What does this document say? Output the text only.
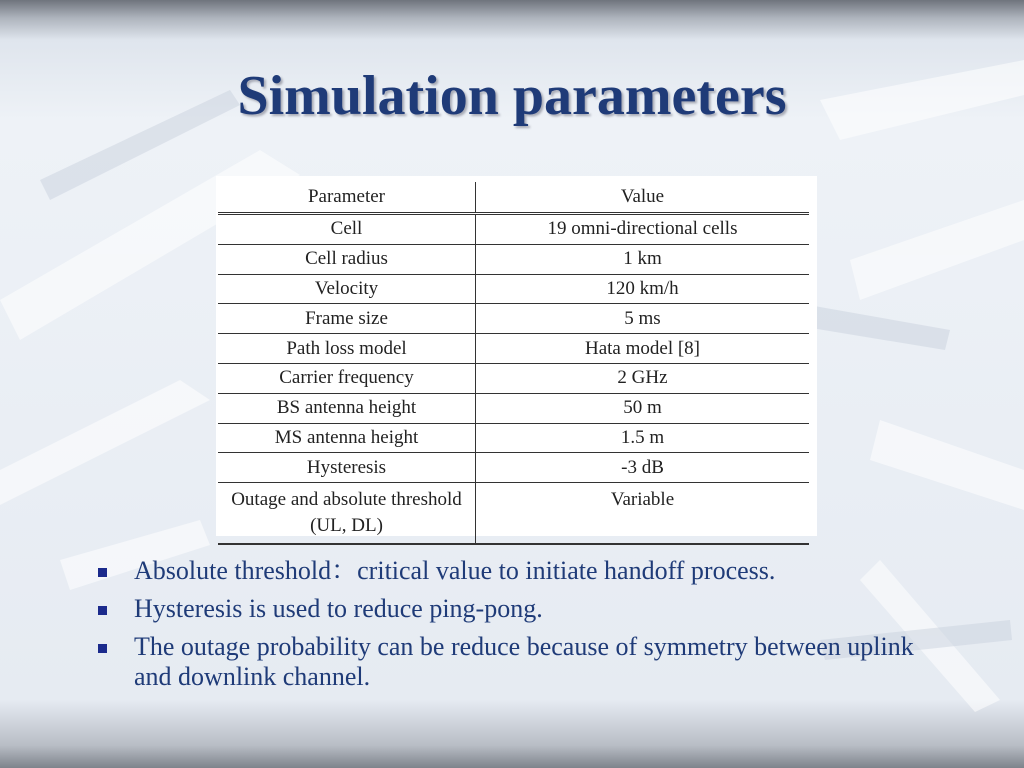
Simulation parameters
Parameter	Value
Cell	19 omni-directional cells
Cell radius	1 km
Velocity	120 km/h
Frame size	5 ms
Path loss model	Hata model [8]
Carrier frequency	2 GHz
BS antenna height	50 m
MS antenna height	1.5 m
Hysteresis	-3 dB
Outage and absolute threshold (UL, DL)	Variable
Absolute threshold：critical value to initiate handoff process.
Hysteresis is used to reduce ping-pong.
The outage probability can be reduce because of symmetry between uplink and downlink channel.
